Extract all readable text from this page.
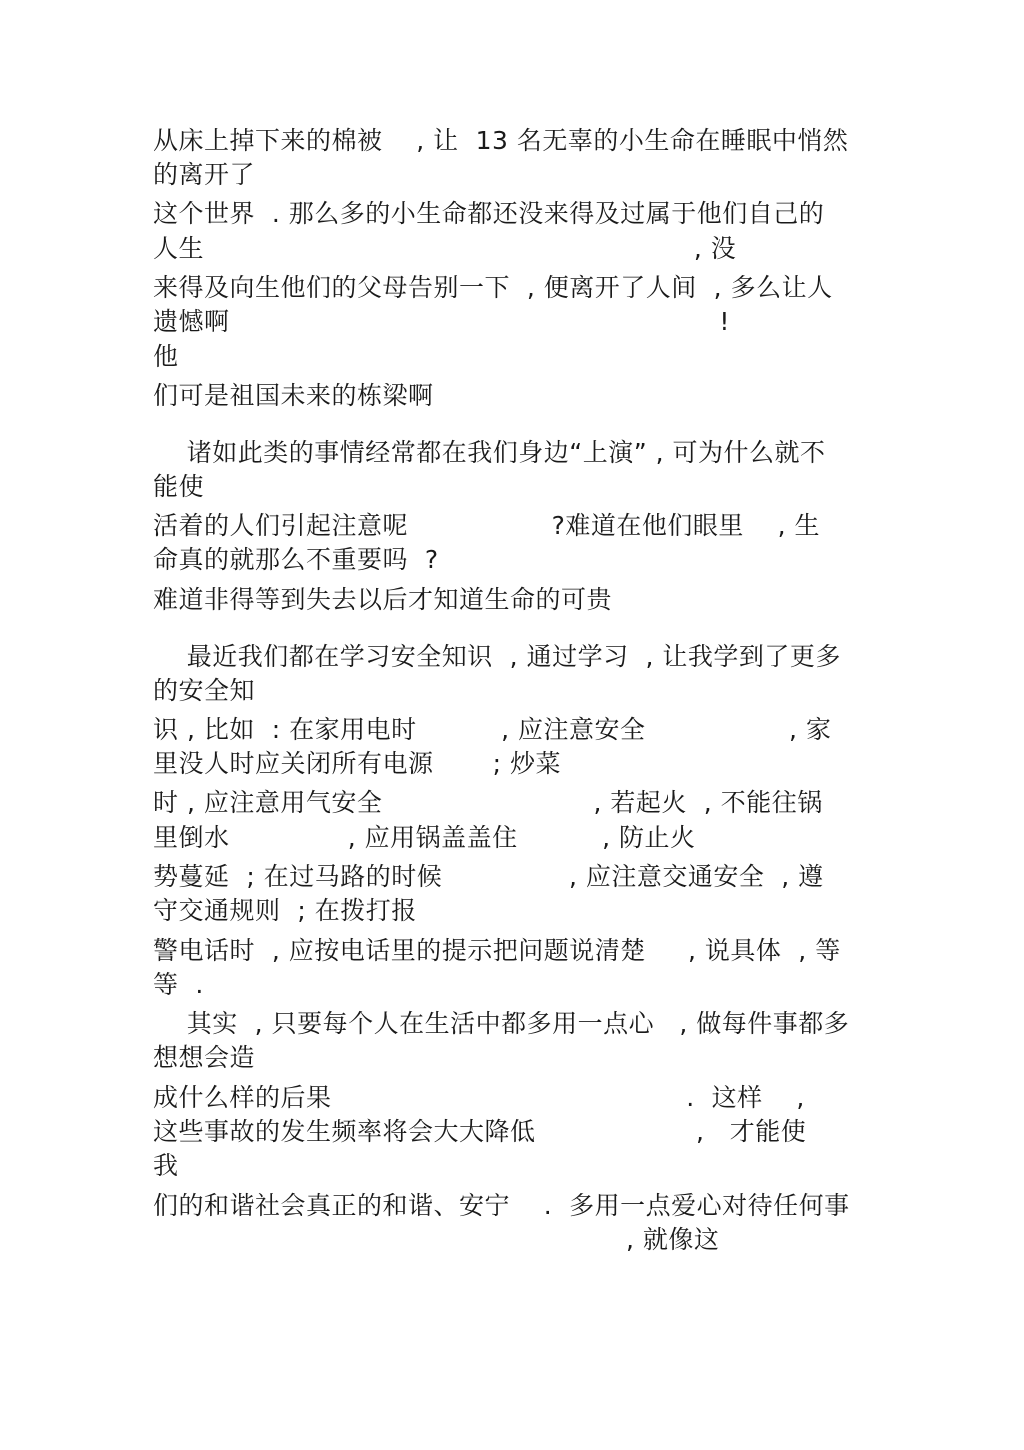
从床上掉下来的棉被    , 让  13 名无辜的小生命在睡眠中悄然
的离开了
这个世界  . 那么多的小生命都还没来得及过属于他们自己的
人生                                                          , 没
来得及向生他们的父母告别一下  , 便离开了人间  , 多么让人
遗憾啊                                                          !
他
们可是祖国未来的栋梁啊
诸如此类的事情经常都在我们身边“上演” , 可为什么就不
能使
活着的人们引起注意呢                 ?难道在他们眼里    , 生
命真的就那么不重要吗  ?
难道非得等到失去以后才知道生命的可贵
最近我们都在学习安全知识  , 通过学习  , 让我学到了更多
的安全知
识 , 比如  : 在家用电时          , 应注意安全                 , 家
里没人时应关闭所有电源       ; 炒菜
时 , 应注意用气安全                         , 若起火  , 不能往锅
里倒水              , 应用锅盖盖住          , 防止火
势蔓延  ; 在过马路的时候               , 应注意交通安全  , 遵
守交通规则  ; 在拨打报
警电话时  , 应按电话里的提示把问题说清楚     , 说具体  , 等
等  .
其实  , 只要每个人在生活中都多用一点心   , 做每件事都多
想想会造
成什么样的后果                                          .  这样    ,
这些事故的发生频率将会大大降低                   ,   才能使
我
们的和谐社会真正的和谐、安宁    .  多用一点爱心对待任何事
, 就像这
